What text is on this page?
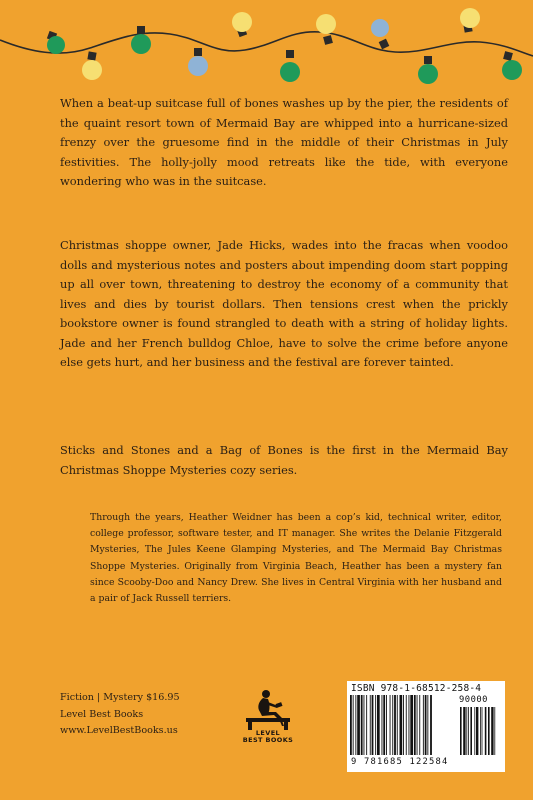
When a beat-up suitcase full of bones washes up by the pier, the residents of the quaint resort town of Mermaid Bay are whipped into a hurricane-sized frenzy over the gruesome find in the middle of their Christmas in July festivities. The holly-jolly mood retreats like the tide, with everyone wondering who was in the suitcase.

Christmas shoppe owner, Jade Hicks, wades into the fracas when voodoo dolls and mysterious notes and posters about impending doom start popping up all over town, threatening to destroy the economy of a community that lives and dies by tourist dollars. Then tensions crest when the prickly bookstore owner is found strangled to death with a string of holiday lights. Jade and her French bulldog Chloe, have to solve the crime before anyone else gets hurt, and her business and the festival are forever tainted.

Sticks and Stones and a Bag of Bones is the first in the Mermaid Bay Christmas Shoppe Mysteries cozy series.

Through the years, Heather Weidner has been a cop’s kid, technical writer, editor, college professor, software tester, and IT manager. She writes the Delanie Fitzgerald Mysteries, The Jules Keene Glamping Mysteries, and The Mermaid Bay Christmas Shoppe Mysteries. Originally from Virginia Beach, Heather has been a mystery fan since Scooby-Doo and Nancy Drew. She lives in Central Virginia with her husband and a pair of Jack Russell terriers.

Fiction | Mystery $16.95
Level Best Books
www.LevelBestBooks.us	LEVEL
BEST BOOKS
ISBN 978-1-68512-258-4
9 781685 122584
90000
